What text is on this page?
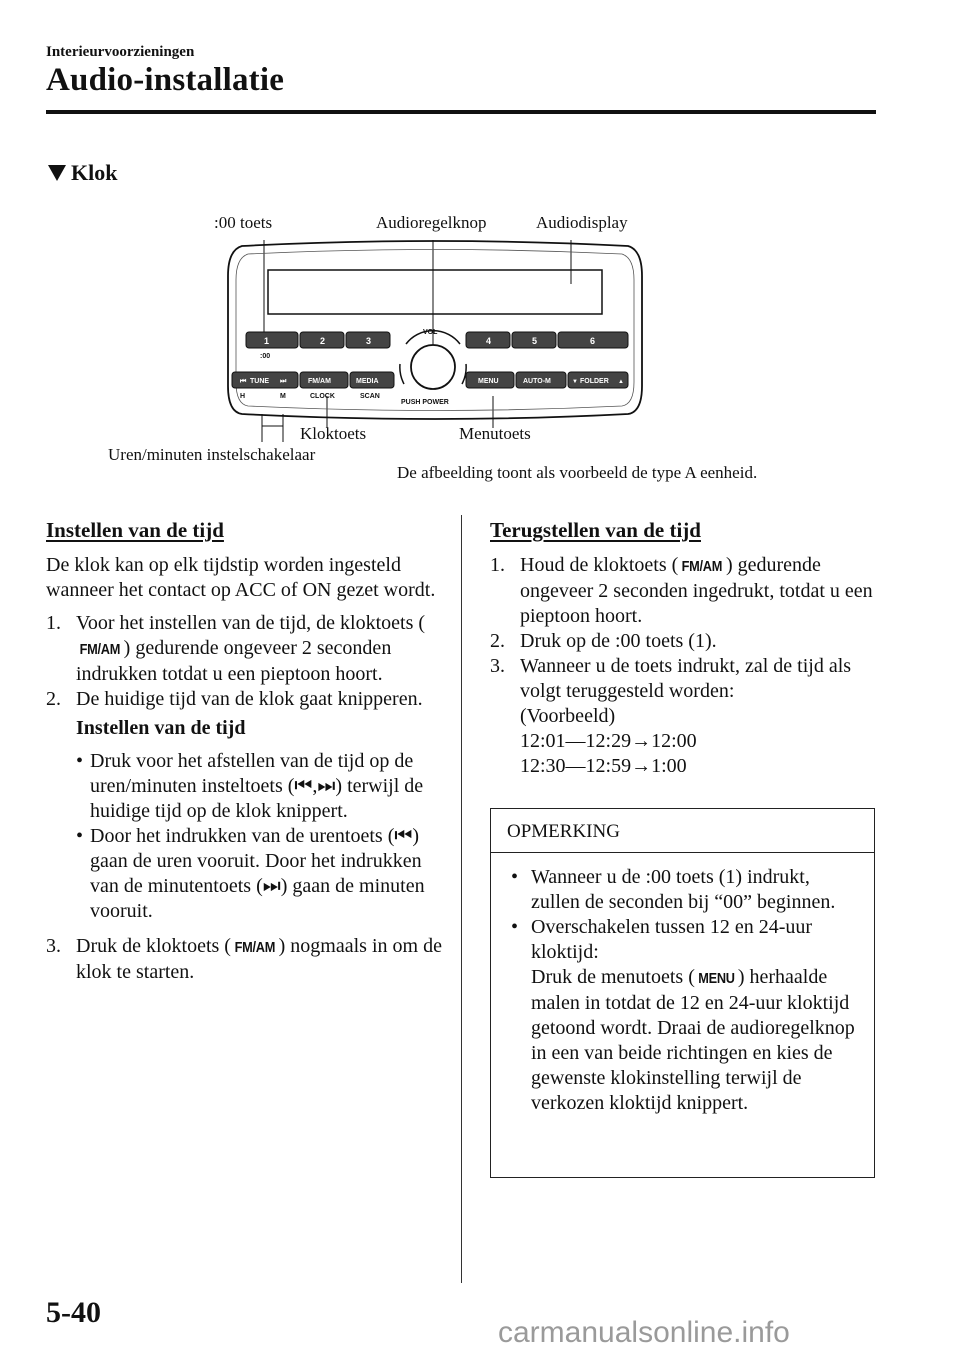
Interieurvoorzieningen
Audio-installatie
Klok
:00 toets	Audioregelknop	Audiodisplay
Kloktoets	Menutoets
Uren/minuten instelschakelaar
De afbeelding toont als voorbeeld de type A eenheid.
1	2	3
:00
4	5	6
VOL
PUSH POWER
⏮ TUNE ⏭	FM/AM	MEDIA
H	M	CLOCK	SCAN
MENU	AUTO-M	▼ FOLDER ▲
Instellen van de tijd

De klok kan op elk tijdstip worden ingesteld wanneer het contact op ACC of ON gezet wordt.

1. Voor het instellen van de tijd, de kloktoets (FM/AM ) gedurende ongeveer 2 seconden indrukken totdat u een pieptoon hoort.
2. De huidige tijd van de klok gaat knipperen.
Instellen van de tijd
• Druk voor het afstellen van de tijd op de uren/minuten insteltoets (⏮,⏭) terwijl de huidige tijd op de klok knippert.
• Door het indrukken van de urentoets (⏮) gaan de uren vooruit. Door het indrukken van de minutentoets (⏭) gaan de minuten vooruit.
3. Druk de kloktoets ( FM/AM ) nogmaals in om de klok te starten.
Terugstellen van de tijd
1. Houd de kloktoets ( FM/AM ) gedurende ongeveer 2 seconden ingedrukt, totdat u een pieptoon hoort.
2. Druk op de :00 toets (1).
3. Wanneer u de toets indrukt, zal de tijd als volgt teruggesteld worden:
(Voorbeeld)
12:01—12:29→12:00
12:30—12:59→1:00
OPMERKING
• Wanneer u de :00 toets (1) indrukt, zullen de seconden bij “00” beginnen.
• Overschakelen tussen 12 en 24-uur kloktijd:
Druk de menutoets ( MENU ) herhaalde malen in totdat de 12 en 24-uur kloktijd getoond wordt. Draai de audioregelknop in een van beide richtingen en kies de gewenste klokinstelling terwijl de verkozen kloktijd knippert.
5-40
carmanualsonline.info
